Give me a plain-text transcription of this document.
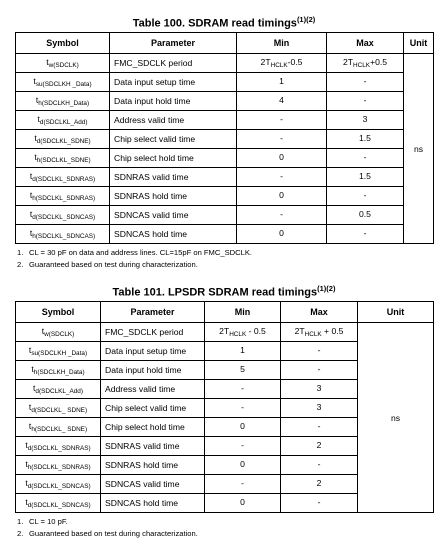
Table 100. SDRAM read timings$^{(1)(2)}$
Symbol	Parameter	Min	Max	Unit
$t_{w(SDCLK)}$	FMC_SDCLK period	$2T_{HCLK}-0.5$	$2T_{HCLK}+0.5$	ns
$t_{su(SDCLKH \_Data)}$	Data input setup time	1	-	
$t_{h(SDCLKH\_Data)}$	Data input hold time	4	-	
$t_{d(SDCLKL\_Add)}$	Address valid time	-	3	
$t_{d(SDCLKL\_SDNE)}$	Chip select valid time	-	1.5	
$t_{h(SDCLKL\_SDNE)}$	Chip select hold time	0	-	
$t_{d(SDCLKL\_SDNRAS)}$	SDNRAS valid time	-	1.5	
$t_{h(SDCLKL\_SDNRAS)}$	SDNRAS hold time	0	-	
$t_{d(SDCLKL\_SDNCAS)}$	SDNCAS valid time	-	0.5	
$t_{h(SDCLKL\_SDNCAS)}$	SDNCAS hold time	0	-	
1. CL = 30 pF on data and address lines. CL=15pF on FMC_SDCLK.
2. Guaranteed based on test during characterization.
Table 101. LPSDR SDRAM read timings$^{(1)(2)}$
Symbol	Parameter	Min	Max	Unit
$t_{w(SDCLK)}$	FMC_SDCLK period	$2T_{HCLK} - 0.5$	$2T_{HCLK} + 0.5$	ns
$t_{su(SDCLKH \_Data)}$	Data input setup time	1	-	
$t_{h(SDCLKH\_Data)}$	Data input hold time	5	-	
$t_{d(SDCLKL\_Add)}$	Address valid time	-	3	
$t_{d(SDCLKL\_ SDNE)}$	Chip select valid time	-	3	
$t_{h(SDCLKL\_ SDNE)}$	Chip select hold time	0	-	
$t_{d(SDCLKL\_SDNRAS)}$	SDNRAS valid time	-	2	
$t_{h(SDCLKL\_SDNRAS)}$	SDNRAS hold time	0	-	
$t_{d(SDCLKL\_SDNCAS)}$	SDNCAS valid time	-	2	
$t_{d(SDCLKL\_SDNCAS)}$	SDNCAS hold time	0	-	
1. CL = 10 pF.
2. Guaranteed based on test during characterization.
